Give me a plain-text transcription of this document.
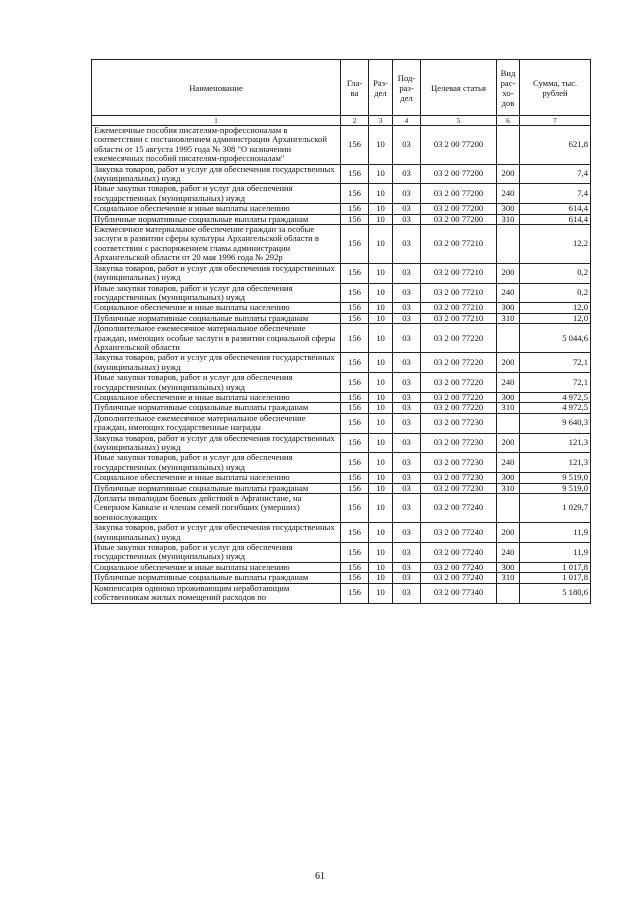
Наименование	Гла-ва	Раз-дел	Под-раз-дел	Целевая статья	Вид рас-хо-дов	Сумма, тыс. рублей
1	2	3	4	5	6	7
Ежемесячные пособия писателям-профессионалам в соответствии с постановлением администрации Архангельской области от 15 августа 1995 года № 308 "О назначении ежемесячных пособий писателям-профессионалам"	156	10	03	03 2 00 77200		621,8
Закупка товаров, работ и услуг для обеспечения государственных (муниципальных) нужд	156	10	03	03 2 00 77200	200	7,4
Иные закупки товаров, работ и услуг для обеспечения государственных (муниципальных) нужд	156	10	03	03 2 00 77200	240	7,4
Социальное обеспечение и иные выплаты населению	156	10	03	03 2 00 77200	300	614,4
Публичные нормативные социальные выплаты гражданам	156	10	03	03 2 00 77200	310	614,4
Ежемесячное материальное обеспечение граждан за особые заслуги в развитии сферы культуры Архангельской области в соответствии с распоряжением главы администрации Архангельской области от 20 мая 1996 года № 292р	156	10	03	03 2 00 77210		12,2
Закупка товаров, работ и услуг для обеспечения государственных (муниципальных) нужд	156	10	03	03 2 00 77210	200	0,2
Иные закупки товаров, работ и услуг для обеспечения государственных (муниципальных) нужд	156	10	03	03 2 00 77210	240	0,2
Социальное обеспечение и иные выплаты населению	156	10	03	03 2 00 77210	300	12,0
Публичные нормативные социальные выплаты гражданам	156	10	03	03 2 00 77210	310	12,0
Дополнительное ежемесячное материальное обеспечение граждан, имеющих особые заслуги в развитии социальной сферы Архангельской области	156	10	03	03 2 00 77220		5 044,6
Закупка товаров, работ и услуг для обеспечения государственных (муниципальных) нужд	156	10	03	03 2 00 77220	200	72,1
Иные закупки товаров, работ и услуг для обеспечения государственных (муниципальных) нужд	156	10	03	03 2 00 77220	240	72,1
Социальное обеспечение и иные выплаты населению	156	10	03	03 2 00 77220	300	4 972,5
Публичные нормативные социальные выплаты гражданам	156	10	03	03 2 00 77220	310	4 972,5
Дополнительное ежемесячное материальное обеспечение граждан, имеющих государственные награды	156	10	03	03 2 00 77230		9 640,3
Закупка товаров, работ и услуг для обеспечения государственных (муниципальных) нужд	156	10	03	03 2 00 77230	200	121,3
Иные закупки товаров, работ и услуг для обеспечения государственных (муниципальных) нужд	156	10	03	03 2 00 77230	240	121,3
Социальное обеспечение и иные выплаты населению	156	10	03	03 2 00 77230	300	9 519,0
Публичные нормативные социальные выплаты гражданам	156	10	03	03 2 00 77230	310	9 519,0
Доплаты инвалидам боевых действий в Афганистане, на Северном Кавказе и членам семей погибших (умерших) военнослужащих	156	10	03	03 2 00 77240		1 029,7
Закупка товаров, работ и услуг для обеспечения государственных (муниципальных) нужд	156	10	03	03 2 00 77240	200	11,9
Иные закупки товаров, работ и услуг для обеспечения государственных (муниципальных) нужд	156	10	03	03 2 00 77240	240	11,9
Социальное обеспечение и иные выплаты населению	156	10	03	03 2 00 77240	300	1 017,8
Публичные нормативные социальные выплаты гражданам	156	10	03	03 2 00 77240	310	1 017,8
Компенсация одиноко проживающим неработающим собственникам жилых помещений расходов по	156	10	03	03 2 00 77340		5 180,6
61
